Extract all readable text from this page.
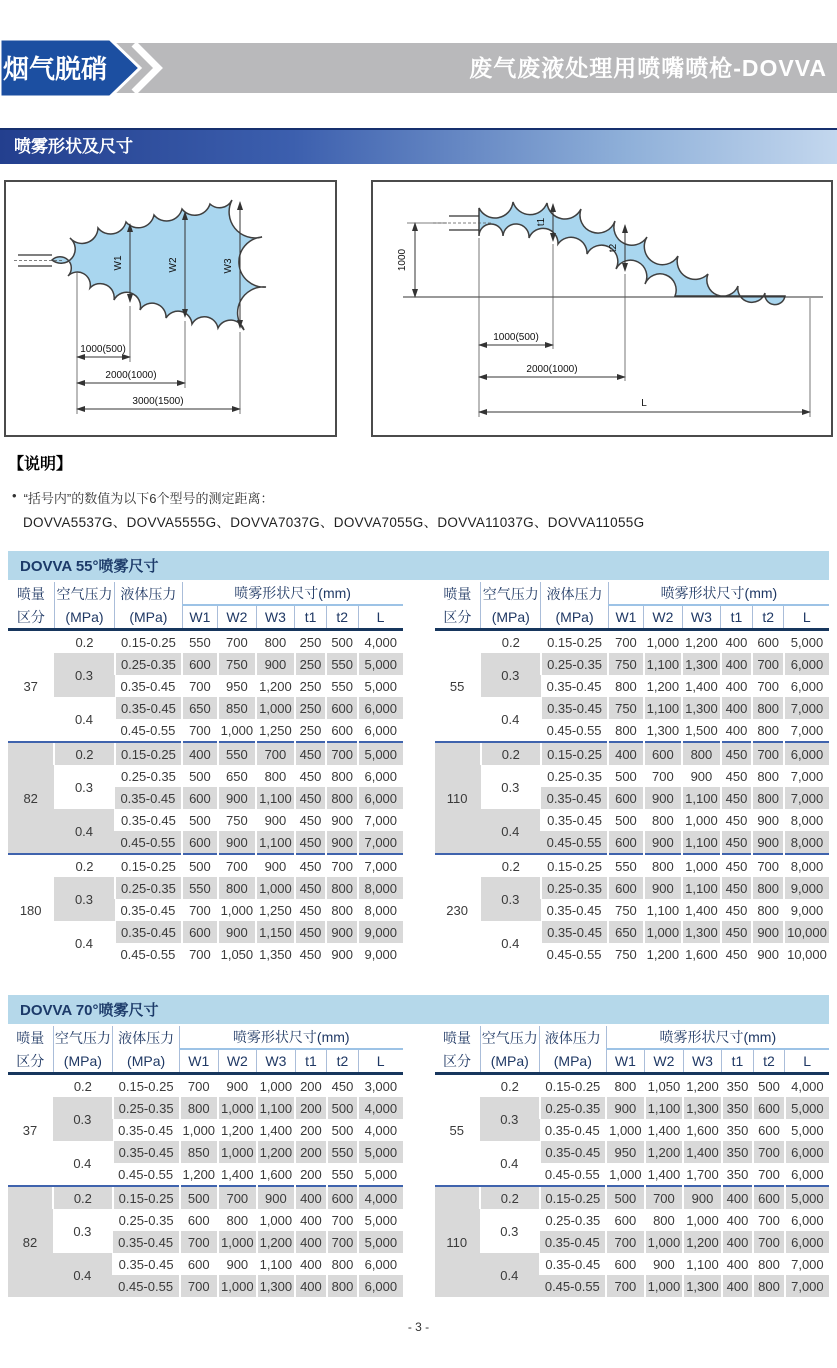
烟气脱硝	废气废液处理用喷嘴喷枪-DOVVA
喷雾形状及尺寸
W1	W2	W3
1000(500)
2000(1000)
3000(1500)
1000
t1
t2
1000(500)
2000(1000)
L
【说明】
• “括号内”的数值为以下6个型号的测定距离：
DOVVA5537G、DOVVA5555G、DOVVA7037G、DOVVA7055G、DOVVA11037G、DOVVA11055G
DOVVA 55°喷雾尺寸
喷量	空气压力	液体压力	喷雾形状尺寸(mm)					
区分	(MPa)	(MPa)	W1	W2	W3	t1	t2	L
37	0.2	0.15-0.25	550	700	800	250	500	4,000
	0.3	0.25-0.35	600	750	900	250	550	5,000
		0.35-0.45	700	950	1,200	250	550	5,000
	0.4	0.35-0.45	650	850	1,000	250	600	6,000
		0.45-0.55	700	1,000	1,250	250	600	6,000
82	0.2	0.15-0.25	400	550	700	450	700	5,000
	0.3	0.25-0.35	500	650	800	450	800	6,000
		0.35-0.45	600	900	1,100	450	800	6,000
	0.4	0.35-0.45	500	750	900	450	900	7,000
		0.45-0.55	600	900	1,100	450	900	7,000
180	0.2	0.15-0.25	500	700	900	450	700	7,000
	0.3	0.25-0.35	550	800	1,000	450	800	8,000
		0.35-0.45	700	1,000	1,250	450	800	8,000
	0.4	0.35-0.45	600	900	1,150	450	900	9,000
		0.45-0.55	700	1,050	1,350	450	900	9,000
喷量	空气压力	液体压力	喷雾形状尺寸(mm)					
区分	(MPa)	(MPa)	W1	W2	W3	t1	t2	L
55	0.2	0.15-0.25	700	1,000	1,200	400	600	5,000
	0.3	0.25-0.35	750	1,100	1,300	400	700	6,000
		0.35-0.45	800	1,200	1,400	400	700	6,000
	0.4	0.35-0.45	750	1,100	1,300	400	800	7,000
		0.45-0.55	800	1,300	1,500	400	800	7,000
110	0.2	0.15-0.25	400	600	800	450	700	6,000
	0.3	0.25-0.35	500	700	900	450	800	7,000
		0.35-0.45	600	900	1,100	450	800	7,000
	0.4	0.35-0.45	500	800	1,000	450	900	8,000
		0.45-0.55	600	900	1,100	450	900	8,000
230	0.2	0.15-0.25	550	800	1,000	450	700	8,000
	0.3	0.25-0.35	600	900	1,100	450	800	9,000
		0.35-0.45	750	1,100	1,400	450	800	9,000
	0.4	0.35-0.45	650	1,000	1,300	450	900	10,000
		0.45-0.55	750	1,200	1,600	450	900	10,000
DOVVA 70°喷雾尺寸
喷量	空气压力	液体压力	喷雾形状尺寸(mm)					
区分	(MPa)	(MPa)	W1	W2	W3	t1	t2	L
37	0.2	0.15-0.25	700	900	1,000	200	450	3,000
	0.3	0.25-0.35	800	1,000	1,100	200	500	4,000
		0.35-0.45	1,000	1,200	1,400	200	500	4,000
	0.4	0.35-0.45	850	1,000	1,200	200	550	5,000
		0.45-0.55	1,200	1,400	1,600	200	550	5,000
82	0.2	0.15-0.25	500	700	900	400	600	4,000
	0.3	0.25-0.35	600	800	1,000	400	700	5,000
		0.35-0.45	700	1,000	1,200	400	700	5,000
	0.4	0.35-0.45	600	900	1,100	400	800	6,000
		0.45-0.55	700	1,000	1,300	400	800	6,000
喷量	空气压力	液体压力	喷雾形状尺寸(mm)					
区分	(MPa)	(MPa)	W1	W2	W3	t1	t2	L
55	0.2	0.15-0.25	800	1,050	1,200	350	500	4,000
	0.3	0.25-0.35	900	1,100	1,300	350	600	5,000
		0.35-0.45	1,000	1,400	1,600	350	600	5,000
	0.4	0.35-0.45	950	1,200	1,400	350	700	6,000
		0.45-0.55	1,000	1,400	1,700	350	700	6,000
110	0.2	0.15-0.25	500	700	900	400	600	5,000
	0.3	0.25-0.35	600	800	1,000	400	700	6,000
		0.35-0.45	700	1,000	1,200	400	700	6,000
	0.4	0.35-0.45	600	900	1,100	400	800	7,000
		0.45-0.55	700	1,000	1,300	400	800	7,000
- 3 -
